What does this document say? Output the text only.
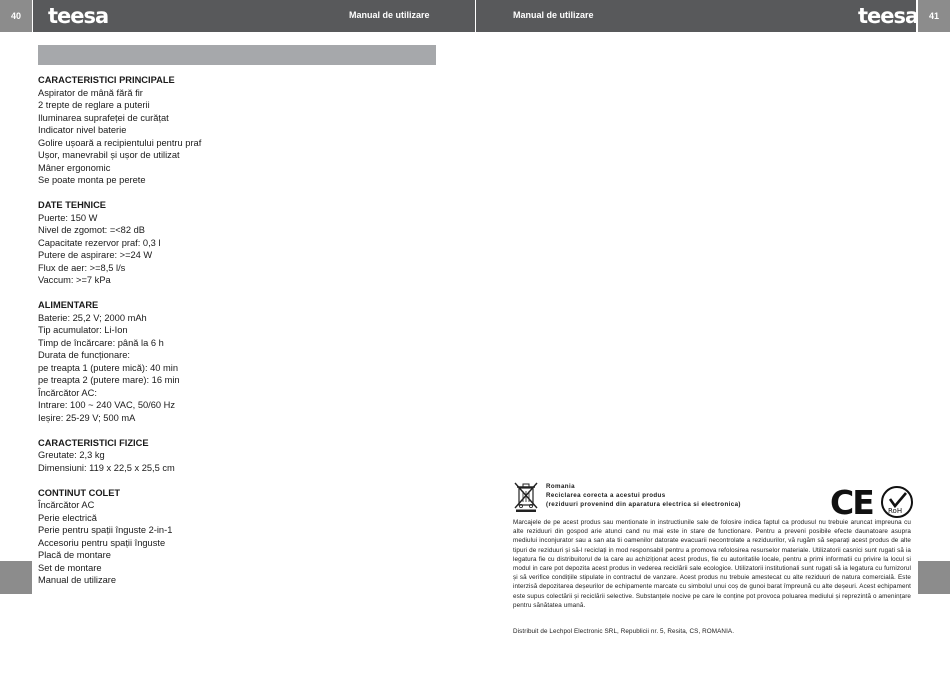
40	teesa	Manual de utilizare	Manual de utilizare	teesa	41
CARACTERISTICI PRINCIPALE
Aspirator de mână fără fir
2 trepte de reglare a puterii
Iluminarea suprafeței de curățat
Indicator nivel baterie
Golire ușoară a recipientului pentru praf
Ușor, manevrabil și ușor de utilizat
Mâner ergonomic
Se poate monta pe perete
DATE TEHNICE
Puerte: 150 W
Nivel de zgomot: =<82 dB
Capacitate rezervor praf: 0,3 l
Putere de aspirare: >=24 W
Flux de aer: >=8,5 l/s
Vaccum: >=7 kPa
ALIMENTARE
Baterie: 25,2 V; 2000 mAh
Tip acumulator: Li-Ion
Timp de încărcare: până la 6 h
Durata de funcționare:
pe treapta 1 (putere mică): 40 min
pe treapta 2 (putere mare): 16 min
Încărcător AC:
Intrare: 100 ~ 240 VAC, 50/60 Hz
Ieșire: 25-29 V; 500 mA
CARACTERISTICI FIZICE
Greutate: 2,3 kg
Dimensiuni: 119 x 22,5 x 25,5 cm
CONTINUT COLET
Încărcător AC
Perie electrică
Perie pentru spații înguste 2-in-1
Accesoriu pentru spații înguste
Placă de montare
Set de montare
Manual de utilizare
Romania
Reciclarea corecta a acestui produs
(reziduuri provenind din aparatura electrica si electronica)	CE RoH
Marcajele de pe acest produs sau mentionate in instructiunile sale de folosire indica faptul ca produsul nu trebuie aruncat impreuna cu alte reziduuri din gospod arie atunci cand nu mai este in stare de functionare. Pentru a preveni posibile efecte daunatoare asupra mediului inconjurator sau a san ata tii oamenilor datorate evacuarii necontrolate a reziduurilor, vă rugăm să separați acest produs de alte tipuri de reziduuri și să-l reciclați in mod responsabil pentru a promova refolosirea resurselor materiale. Utilizatorii casnici sunt rugati să ia legatura fie cu distribuitorul de la care au achiziționat acest produs, fie cu autoritatile locale, pentru a primi informatii cu privire la locul si modul in care pot depozita acest produs in vederea reciclării sale ecologice. Utilizatorii institutionali sunt rugati să ia legatura cu furnizorul și să verifice condițiile stipulate in contractul de vanzare. Acest produs nu trebuie amestecat cu alte reziduuri de natura comercială. Este interzisă depozitarea deșeurilor de echipamente marcate cu simbolul unui coș de gunoi barat împreună cu alte deșeuri. Acest echipament este supus colectării și reciclării selective. Substanțele nocive pe care le conține pot provoca poluarea mediului și reprezintă o amenințare pentru sănătatea umană.
Distribuit de Lechpol Electronic SRL, Republicii nr. 5, Resita, CS, ROMANIA.
